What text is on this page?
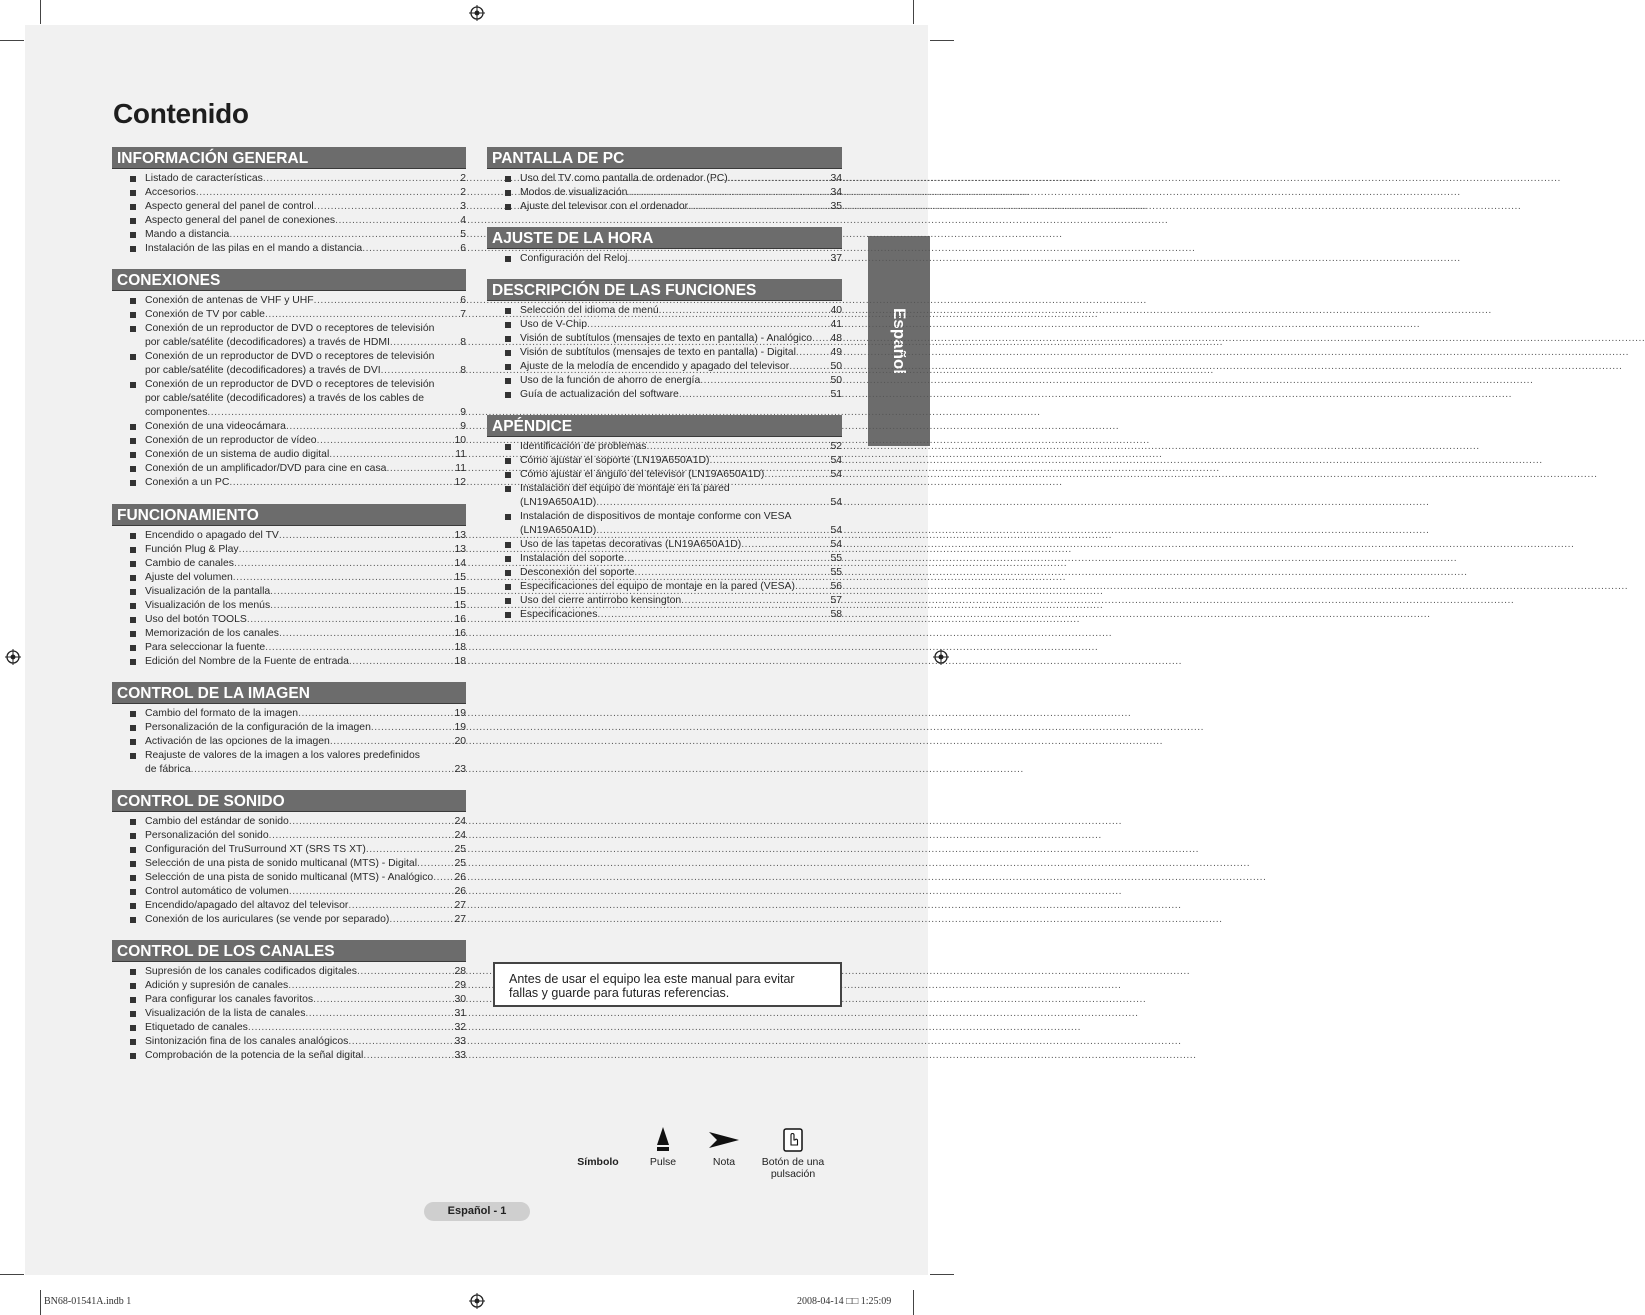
Contenido
Español
INFORMACIÓN GENERAL
Listado de características .....	2
Accesorios .....	2
Aspecto general del panel de control .....	3
Aspecto general del panel de conexiones .....	4
Mando a distancia .....	5
Instalación de las pilas en el mando a distancia .....	6
CONEXIONES
Conexión de antenas de VHF y UHF .....	6
Conexión de TV por cable .....	7
Conexión de un reproductor de DVD o receptores de televisión
por cable/satélite (decodificadores) a través de HDMI .....	8
Conexión de un reproductor de DVD o receptores de televisión
por cable/satélite (decodificadores) a través de DVI .....	8
Conexión de un reproductor de DVD o receptores de televisión
por cable/satélite (decodificadores) a través de los cables de
componentes .....	9
Conexión de una videocámara .....	9
Conexión de un reproductor de vídeo .....	10
Conexión de un sistema de audio digital .....	11
Conexión de un amplificador/DVD para cine en casa .....	11
Conexión a un PC .....	12
FUNCIONAMIENTO
Encendido o apagado del TV .....	13
Función Plug & Play .....	13
Cambio de canales .....	14
Ajuste del volumen .....	15
Visualización de la pantalla .....	15
Visualización de los menús .....	15
Uso del botón TOOLS .....	16
Memorización de los canales .....	16
Para seleccionar la fuente .....	18
Edición del Nombre de la Fuente de entrada .....	18
CONTROL DE LA IMAGEN
Cambio del formato de la imagen .....	19
Personalización de la configuración de la imagen .....	19
Activación de las opciones de la imagen .....	20
Reajuste de valores de la imagen a los valores predefinidos
de fábrica .....	23
CONTROL DE SONIDO
Cambio del estándar de sonido .....	24
Personalización del sonido .....	24
Configuración del TruSurround XT (SRS TS XT) .....	25
Selección de una pista de sonido multicanal (MTS) - Digital .....	25
Selección de una pista de sonido multicanal (MTS) - Analógico ..... 26
Control automático de volumen .....	26
Encendido/apagado del altavoz del televisor .....	27
Conexión de los auriculares (se vende por separado) .....	27
CONTROL DE LOS CANALES
Supresión de los canales codificados digitales .....	28
Adición y supresión de canales .....	29
Para configurar los canales favoritos .....	30
Visualización de la lista de canales .....	31
Etiquetado de canales .....	32
Sintonización fina de los canales analógicos .....	33
Comprobación de la potencia de la señal digital .....	33
PANTALLA DE PC
Uso del TV como pantalla de ordenador (PC) .....	34
Modos de visualización .....	34
Ajuste del televisor con el ordenador .....	35
AJUSTE DE LA HORA
Configuración del Reloj .....	37
DESCRIPCIÓN DE LAS FUNCIONES
Selección del idioma de menú .....	40
Uso de V-Chip .....	41
Visión de subtítulos (mensajes de texto en pantalla) - Analógico ..... 48
Visión de subtítulos (mensajes de texto en pantalla) - Digital .....	49
Ajuste de la melodía de encendido y apagado del televisor .....	50
Uso de la función de ahorro de energía .....	50
Guía de actualización del software .....	51
APÉNDICE
Identificación de problemas .....	52
Cómo ajustar el soporte (LN19A650A1D) .....	54
Cómo ajustar el ángulo del televisor (LN19A650A1D) .....	54
Instalación del equipo de montaje en la pared
(LN19A650A1D) .....	54
Instalación de dispositivos de montaje conforme con VESA
(LN19A650A1D) .....	54
Uso de las tapetas decorativas (LN19A650A1D) .....	54
Instalación del soporte .....	55
Desconexión del soporte .....	55
Especificaciones del equipo de montaje en la pared (VESA) .....	56
Uso del cierre antirrobo kensington .....	57
Especificaciones .....	58
Antes de usar el equipo lea este manual para evitar fallas y guarde para futuras referencias.
Símbolo	Pulse	Nota	Botón de una pulsación
Español - 1
BN68-01541A.indb 1	2008-04-14 □□ 1:25:09
